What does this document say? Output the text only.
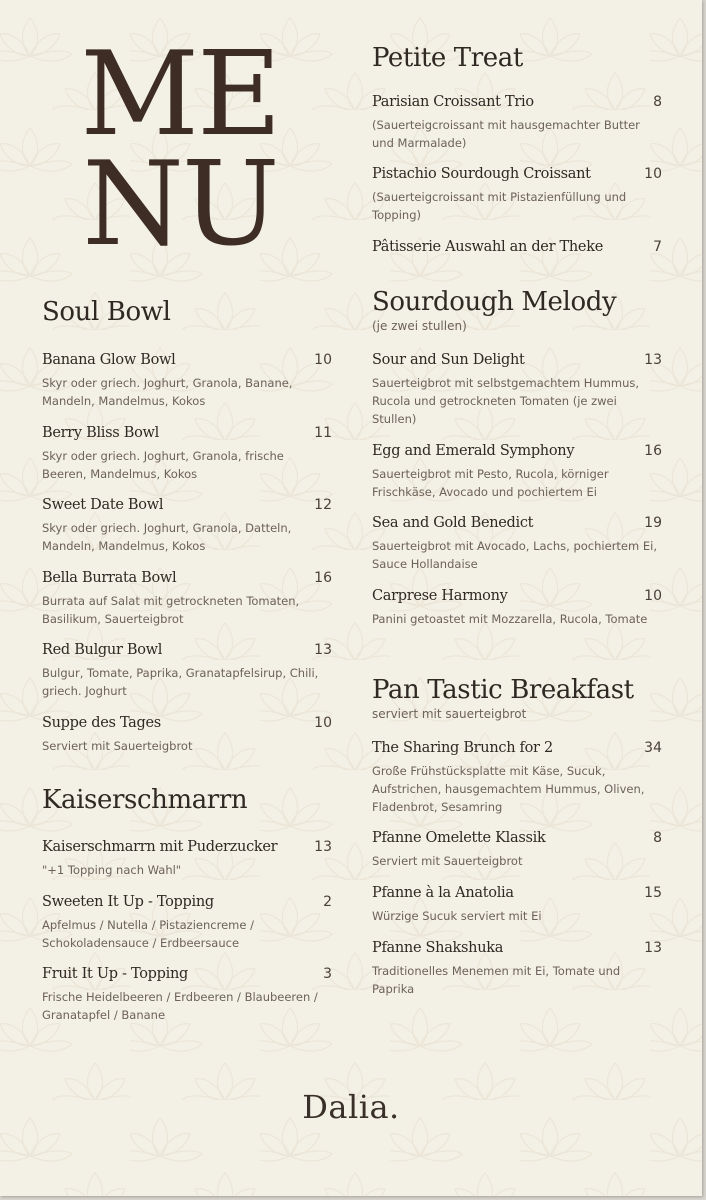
ME
NU
Soul Bowl
Banana Glow Bowl	10
Skyr oder griech. Joghurt, Granola, Banane, Mandeln, Mandelmus, Kokos
Berry Bliss Bowl	11
Skyr oder griech. Joghurt, Granola, frische Beeren, Mandelmus, Kokos
Sweet Date Bowl	12
Skyr oder griech. Joghurt, Granola, Datteln, Mandeln, Mandelmus, Kokos
Bella Burrata Bowl	16
Burrata auf Salat mit getrockneten Tomaten, Basilikum, Sauerteigbrot
Red Bulgur Bowl	13
Bulgur, Tomate, Paprika, Granatapfelsirup, Chili, griech. Joghurt
Suppe des Tages	10
Serviert mit Sauerteigbrot
Kaiserschmarrn
Kaiserschmarrn mit Puderzucker	13
"+1 Topping nach Wahl"
Sweeten It Up - Topping	2
Apfelmus / Nutella / Pistaziencreme / Schokoladensauce / Erdbeersauce
Fruit It Up - Topping	3
Frische Heidelbeeren / Erdbeeren / Blaubeeren / Granatapfel / Banane
Petite Treat
Parisian Croissant Trio	8
(Sauerteigcroissant mit hausgemachter Butter und Marmalade)
Pistachio Sourdough Croissant	10
(Sauerteigcroissant mit Pistazienfüllung und Topping)
Pâtisserie Auswahl an der Theke	7
Sourdough Melody
(je zwei stullen)
Sour and Sun Delight	13
Sauerteigbrot mit selbstgemachtem Hummus, Rucola und getrockneten Tomaten (je zwei Stullen)
Egg and Emerald Symphony	16
Sauerteigbrot mit Pesto, Rucola, körniger Frischkäse, Avocado und pochiertem Ei
Sea and Gold Benedict	19
Sauerteigbrot mit Avocado, Lachs, pochiertem Ei, Sauce Hollandaise
Carprese Harmony	10
Panini getoastet mit Mozzarella, Rucola, Tomate
Pan Tastic Breakfast
serviert mit sauerteigbrot
The Sharing Brunch for 2	34
Große Frühstücksplatte mit Käse, Sucuk, Aufstrichen, hausgemachtem Hummus, Oliven, Fladenbrot, Sesamring
Pfanne Omelette Klassik	8
Serviert mit Sauerteigbrot
Pfanne à la Anatolia	15
Würzige Sucuk serviert mit Ei
Pfanne Shakshuka	13
Traditionelles Menemen mit Ei, Tomate und Paprika
Dalia.
